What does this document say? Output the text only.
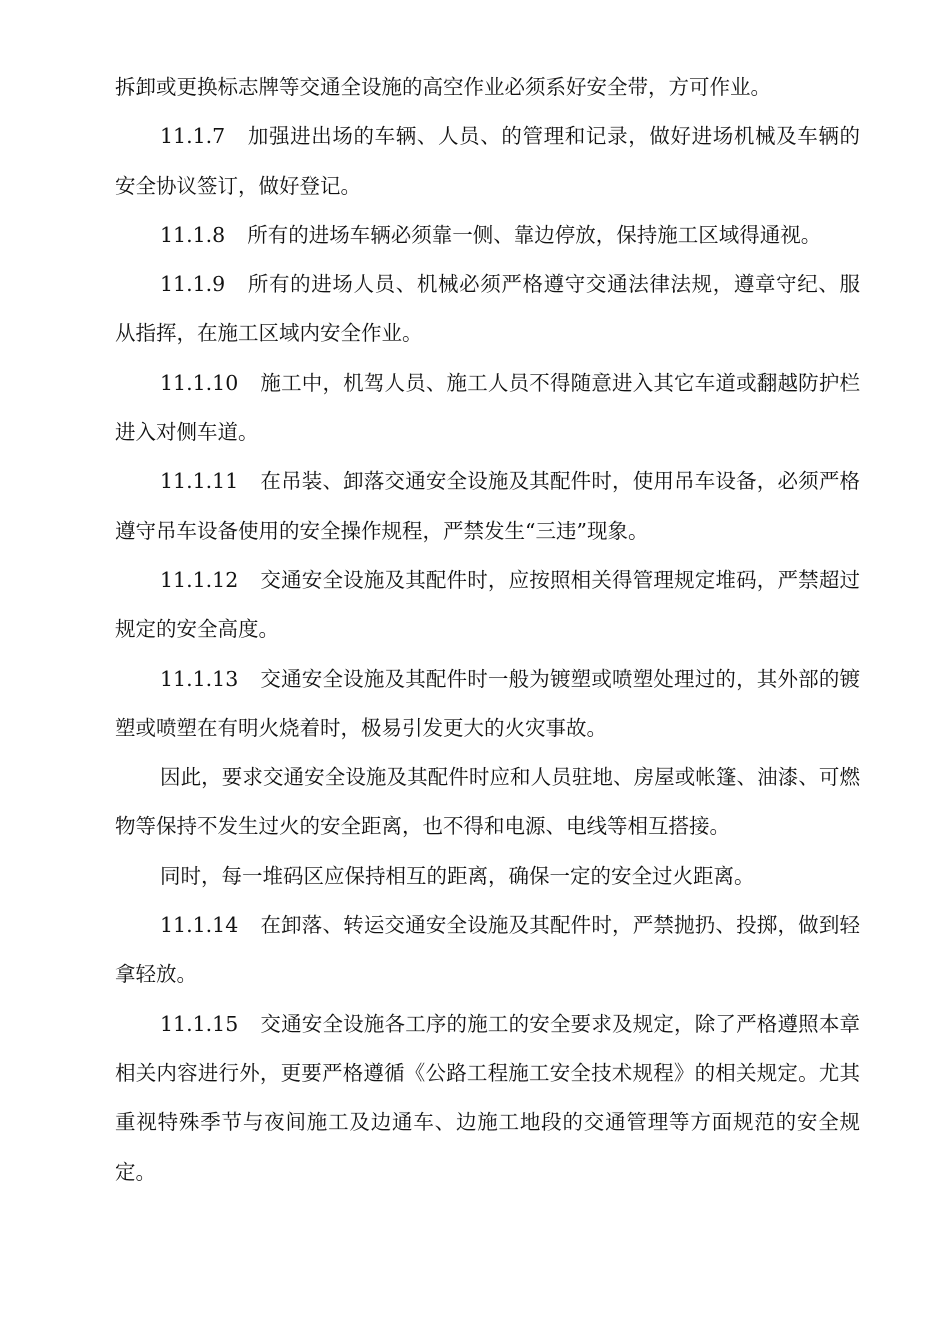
拆卸或更换标志牌等交通全设施的高空作业必须系好安全带，方可作业。

11.1.7 加强进出场的车辆、人员、的管理和记录，做好进场机械及车辆的安全协议签订，做好登记。

11.1.8 所有的进场车辆必须靠一侧、靠边停放，保持施工区域得通视。

11.1.9 所有的进场人员、机械必须严格遵守交通法律法规，遵章守纪、服从指挥，在施工区域内安全作业。

11.1.10 施工中，机驾人员、施工人员不得随意进入其它车道或翻越防护栏进入对侧车道。

11.1.11 在吊装、卸落交通安全设施及其配件时，使用吊车设备，必须严格遵守吊车设备使用的安全操作规程，严禁发生“三违”现象。

11.1.12 交通安全设施及其配件时，应按照相关得管理规定堆码，严禁超过规定的安全高度。

11.1.13 交通安全设施及其配件时一般为镀塑或喷塑处理过的，其外部的镀塑或喷塑在有明火烧着时，极易引发更大的火灾事故。

因此，要求交通安全设施及其配件时应和人员驻地、房屋或帐篷、油漆、可燃物等保持不发生过火的安全距离，也不得和电源、电线等相互搭接。

同时，每一堆码区应保持相互的距离，确保一定的安全过火距离。

11.1.14 在卸落、转运交通安全设施及其配件时，严禁抛扔、投掷，做到轻拿轻放。

11.1.15 交通安全设施各工序的施工的安全要求及规定，除了严格遵照本章相关内容进行外，更要严格遵循《公路工程施工安全技术规程》的相关规定。尤其重视特殊季节与夜间施工及边通车、边施工地段的交通管理等方面规范的安全规定。
